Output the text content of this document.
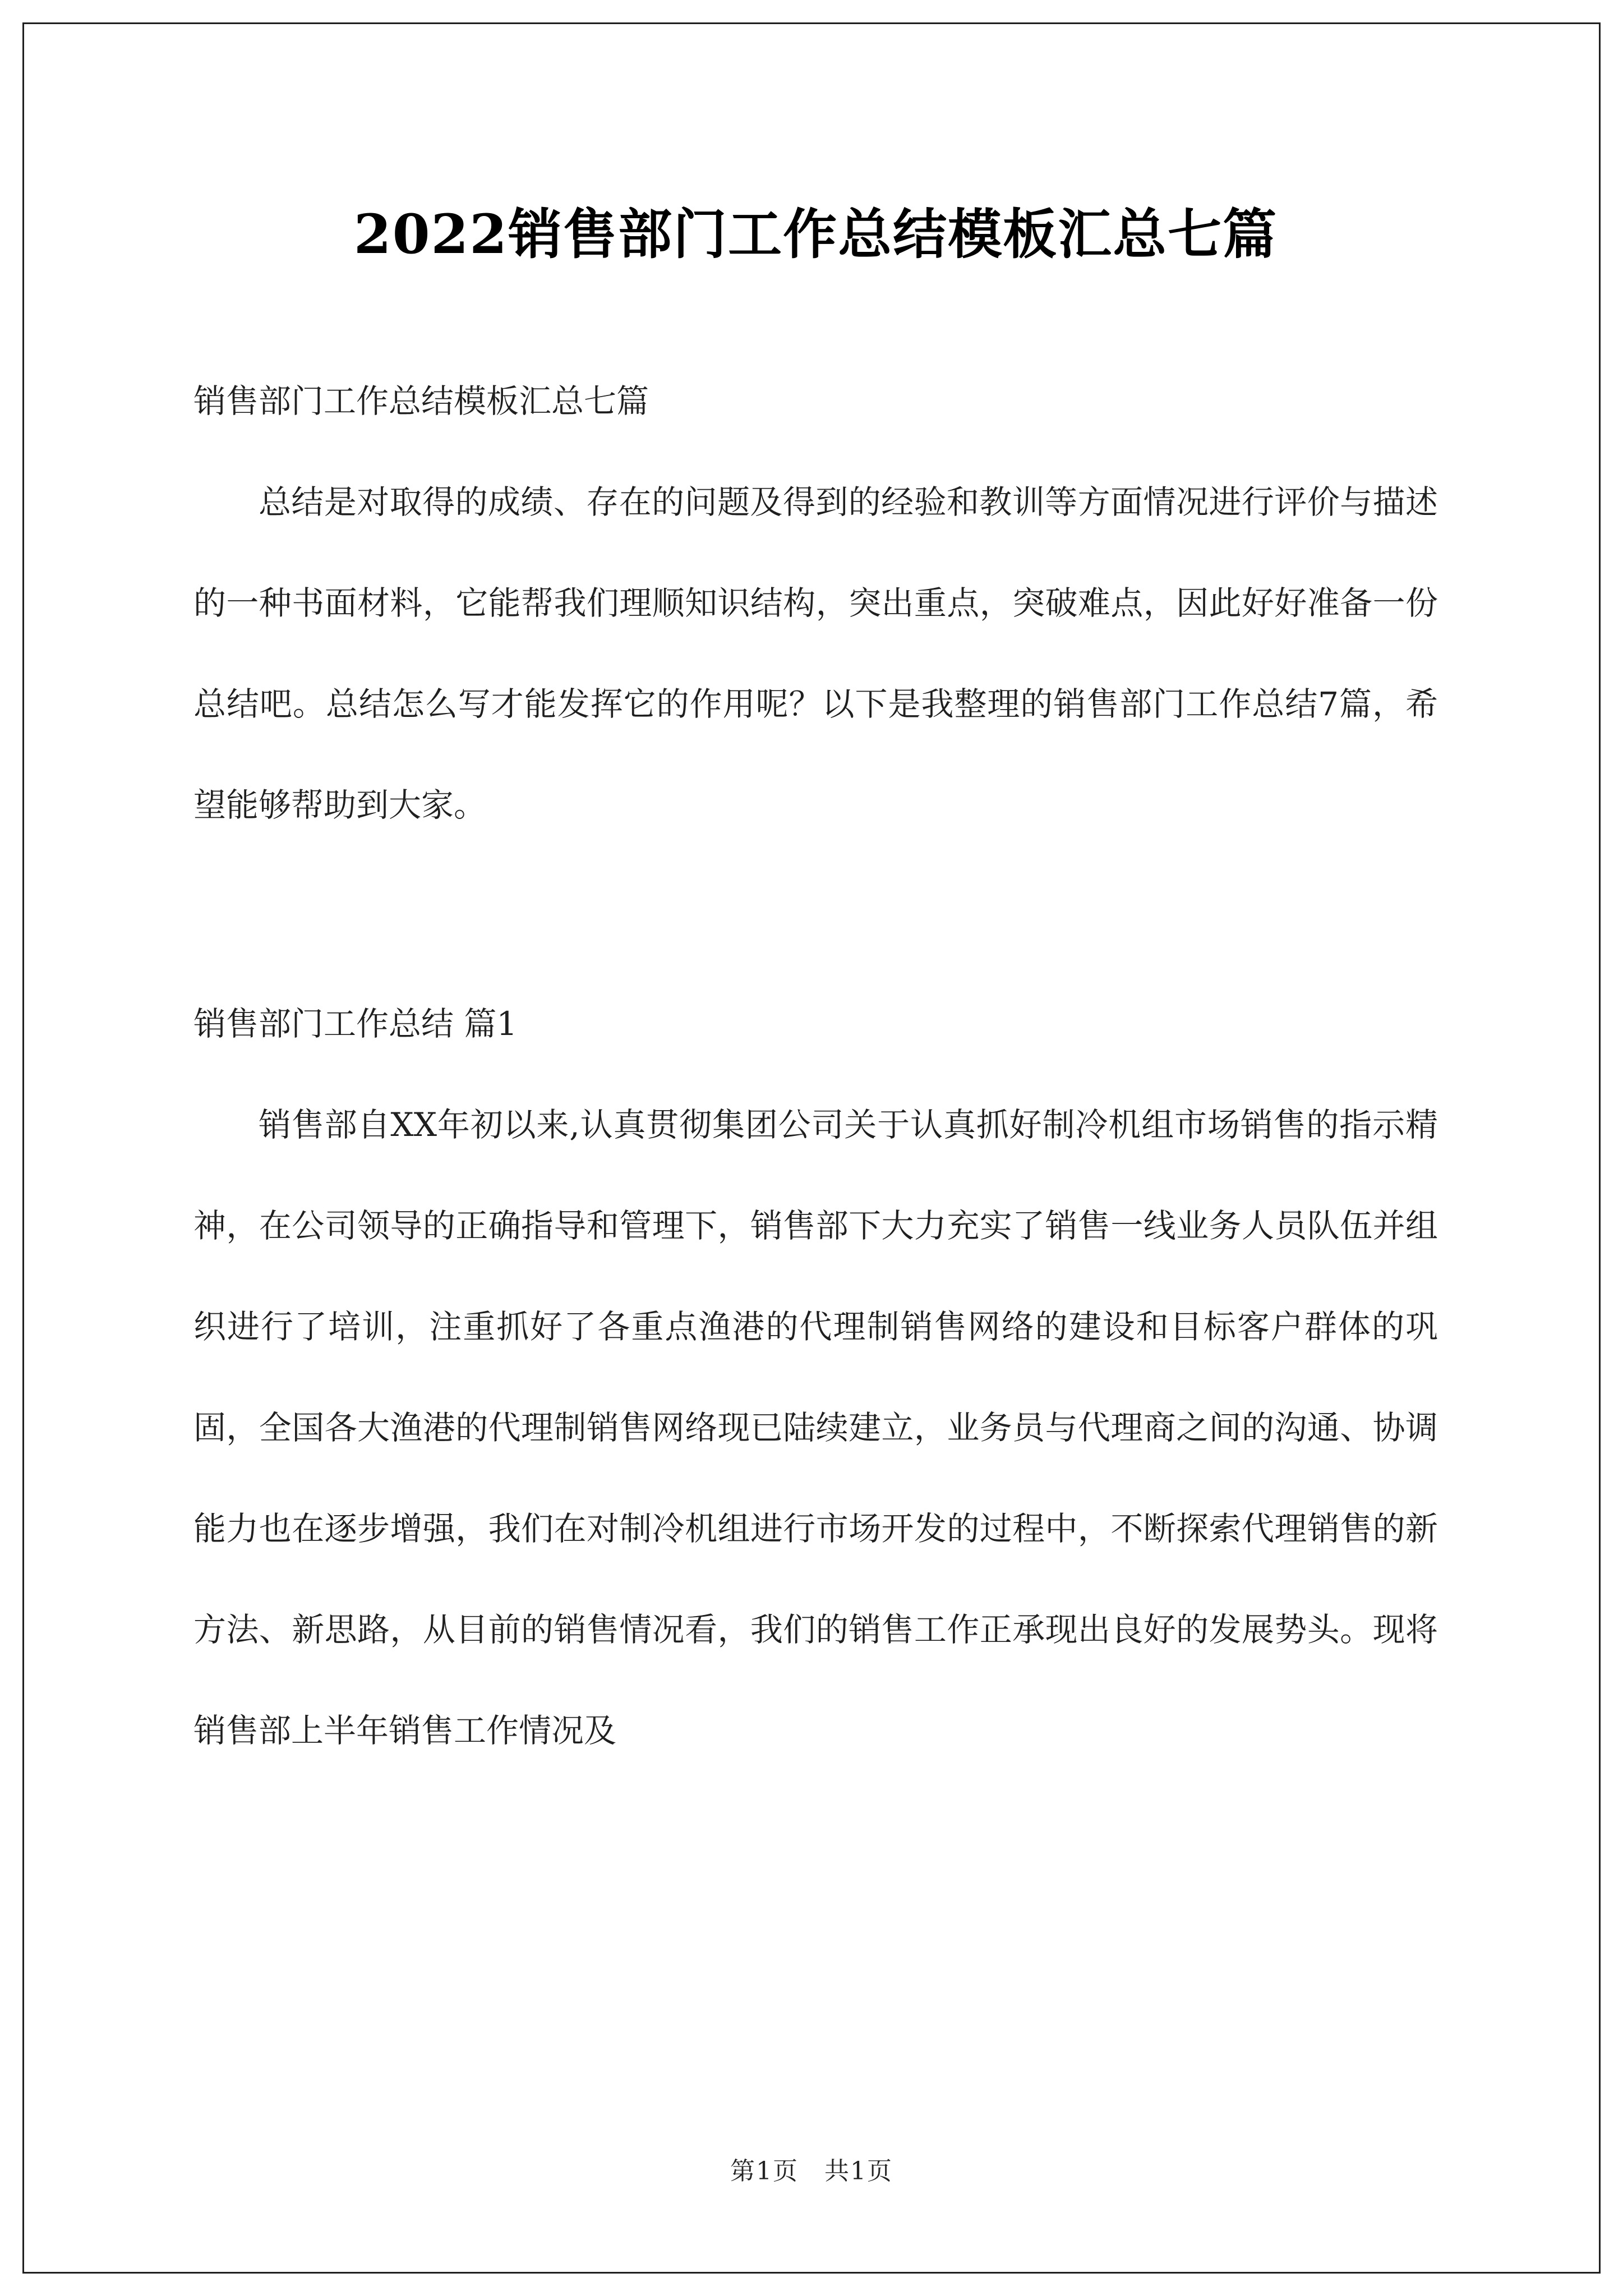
2022销售部门工作总结模板汇总七篇

销售部门工作总结模板汇总七篇

总结是对取得的成绩、存在的问题及得到的经验和教训等方面情况进行评价与描述的一种书面材料，它能帮我们理顺知识结构，突出重点，突破难点，因此好好准备一份总结吧。总结怎么写才能发挥它的作用呢？以下是我整理的销售部门工作总结7篇，希望能够帮助到大家。

销售部门工作总结 篇1

销售部自XX年初以来,认真贯彻集团公司关于认真抓好制冷机组市场销售的指示精神，在公司领导的正确指导和管理下，销售部下大力充实了销售一线业务人员队伍并组织进行了培训，注重抓好了各重点渔港的代理制销售网络的建设和目标客户群体的巩固，全国各大渔港的代理制销售网络现已陆续建立，业务员与代理商之间的沟通、协调能力也在逐步增强，我们在对制冷机组进行市场开发的过程中，不断探索代理销售的新方法、新思路，从目前的销售情况看，我们的销售工作正承现出良好的发展势头。现将销售部上半年销售工作情况及

第1页　共1页
